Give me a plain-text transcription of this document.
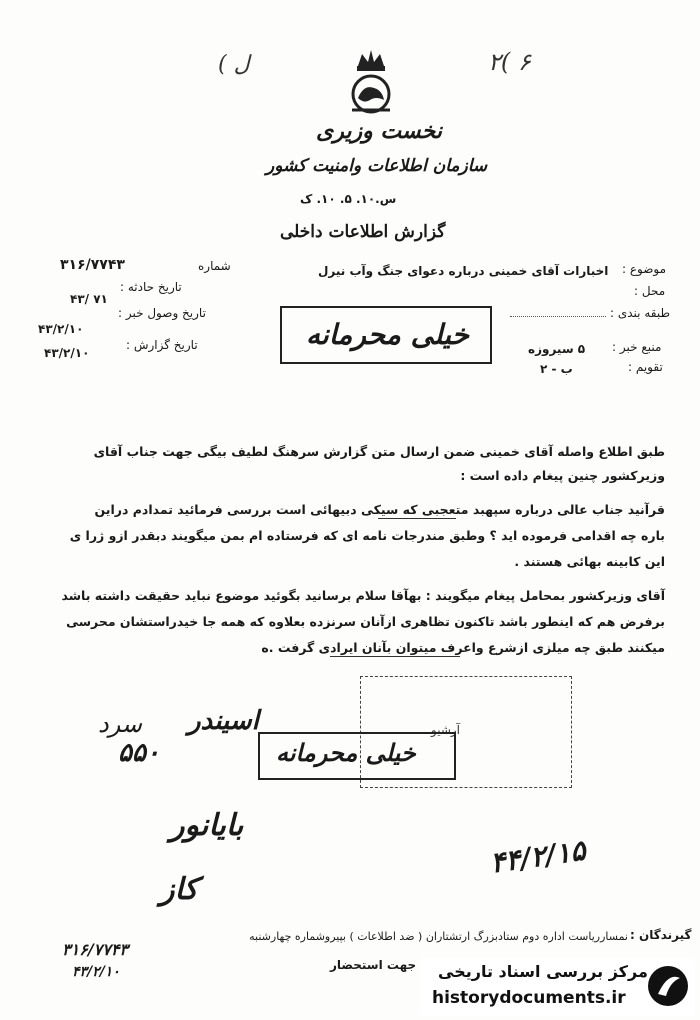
( ل	۲( ۶
نخست وزیری
سازمان اطلاعات وامنیت کشور
س.۱۰. ۵. ۱۰. ک
گزارش اطلاعات داخلی
۳۱۶/۷۷۴۳	شماره
تاریخ حادثه :
۴۳/ ۷۱
تاریخ وصول خبر :
۴۳/۲/۱۰
تاریخ گزارش :
۴۳/۲/۱۰
موضوع :
اخبارات آقای خمینی درباره دعوای جنگ وآب نیرل
محل :
طبقه بندی :
منبع خبر :
۵ سیروزه
تقویم :
ب - ۲
خیلی محرمانه
طبق اطلاع واصله آقای خمینی ضمن ارسال متن گزارش سرهنگ لطیف بیگی جهت جناب آقای
وزیرکشور چنین پیغام داده است :
قرآنید جناب عالی درباره سپهبد متعجبی که سیکی دبیهائی است بررسی فرمائید تمدادم دراین
باره چه اقدامی فرموده اید ؟ وطبق مندرجات نامه ای که فرستاده ام بمن میگویند دبقدر ازو ژرا ی
این کابینه بهائی هستند .
آقای وزیرکشور بمحامل پیغام میگویند : بهآقا سلام برسانید بگوئید موضوع نباید حقیقت داشته باشد
برفرض هم که اینطور باشد تاکنون تظاهری ازآنان سرنزده بعلاوه که همه جا خیدراستشان محرسی
میکنند طبق چه میلزی ازشرع واعرف میتوان بآنان ایرادی گرفت .ه
آرشیو
خیلی محرمانه
اسیندر
سرد
۵۵۰
بایانور
کاز
۴۴/۲/۱۵
گیرندگان :
نمسارریاست اداره دوم ستادبزرگ ارتشتاران ( ضد اطلاعات ) بپیروشماره چهارشنبه
جهت استحضار
۳۱۶/۷۷۴۳
۴۳/۲/۱۰	مرکز بررسی اسناد تاریخی
historydocuments.ir
